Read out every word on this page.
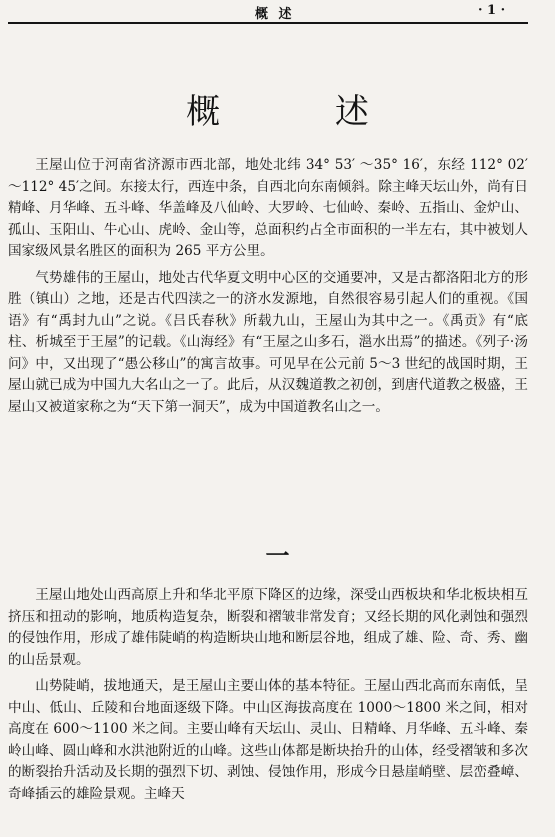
概 述	· 1 ·
概 述

王屋山位于河南省济源市西北部，地处北纬 34° 53′ ～35° 16′，东经 112° 02′ ～112° 45′之间。东接太行，西连中条，自西北向东南倾斜。除主峰天坛山外，尚有日精峰、月华峰、五斗峰、华盖峰及八仙岭、大罗岭、七仙岭、秦岭、五指山、金炉山、孤山、玉阳山、牛心山、虎岭、金山等，总面积约占全市面积的一半左右，其中被划人国家级风景名胜区的面积为 265 平方公里。

气势雄伟的王屋山，地处古代华夏文明中心区的交通要冲，又是古都洛阳北方的形胜（镇山）之地，还是古代四渎之一的济水发源地，自然很容易引起人们的重视。《国语》有“禹封九山”之说。《吕氏春秋》所载九山，王屋山为其中之一。《禹贡》有“底柱、析城至于王屋”的记载。《山海经》有“王屋之山多石，㴩水出焉”的描述。《列子·汤问》中，又出现了“愚公移山”的寓言故事。可见早在公元前 5～3 世纪的战国时期，王屋山就已成为中国九大名山之一了。此后，从汉魏道教之初创，到唐代道教之极盛，王屋山又被道家称之为“天下第一洞天”，成为中国道教名山之一。

一

王屋山地处山西高原上升和华北平原下降区的边缘，深受山西板块和华北板块相互挤压和扭动的影响，地质构造复杂，断裂和褶皱非常发育；又经长期的风化剥蚀和强烈的侵蚀作用，形成了雄伟陡峭的构造断块山地和断层谷地，组成了雄、险、奇、秀、幽的山岳景观。

山势陡峭，拔地通天，是王屋山主要山体的基本特征。王屋山西北高而东南低，呈中山、低山、丘陵和台地面逐级下降。中山区海拔高度在 1000～1800 米之间，相对高度在 600～1100 米之间。主要山峰有天坛山、灵山、日精峰、月华峰、五斗峰、秦岭山峰、圆山峰和水洪池附近的山峰。这些山体都是断块抬升的山体，经受褶皱和多次的断裂抬升活动及长期的强烈下切、剥蚀、侵蚀作用，形成今日悬崖峭壁、层峦叠嶂、奇峰插云的雄险景观。主峰天
